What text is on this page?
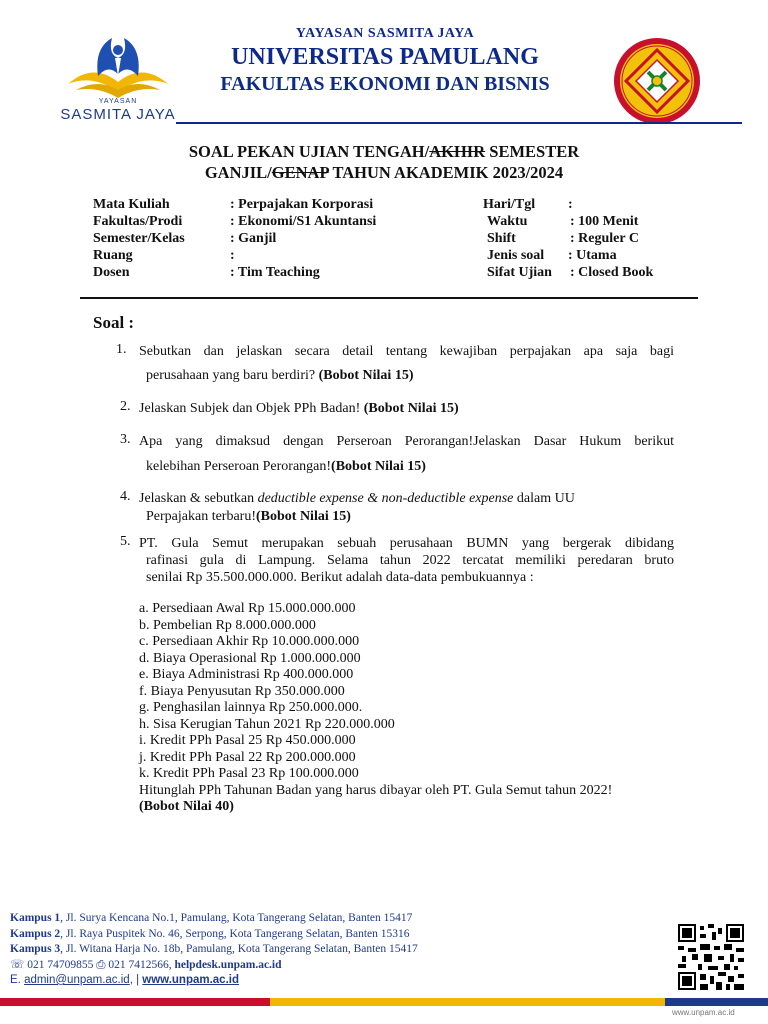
YAYASAN
SASMITA JAYA
YAYASAN SASMITA JAYA
UNIVERSITAS PAMULANG
FAKULTAS EKONOMI DAN BISNIS
SOAL PEKAN UJIAN TENGAH/AKHIR SEMESTER
GANJIL/GENAP TAHUN AKADEMIK 2023/2024
Mata Kuliah
Fakultas/Prodi
Semester/Kelas
Ruang
Dosen
: Perpajakan Korporasi
: Ekonomi/S1 Akuntansi
: Ganjil
:
: Tim Teaching
Hari/Tgl
Waktu
Shift
Jenis soal
Sifat Ujian
:
: 100 Menit
: Reguler C
: Utama
: Closed Book
Soal :
1. Sebutkan dan jelaskan secara detail tentang kewajiban perpajakan apa saja bagi
perusahaan yang baru berdiri? (Bobot Nilai 15)
2. Jelaskan Subjek dan Objek PPh Badan! (Bobot Nilai 15)
3. Apa yang dimaksud dengan Perseroan Perorangan!Jelaskan Dasar Hukum berikut
kelebihan Perseroan Perorangan!(Bobot Nilai 15)
4. Jelaskan & sebutkan deductible expense & non-deductible expense dalam UU
Perpajakan terbaru!(Bobot Nilai 15)
5. PT. Gula Semut merupakan sebuah perusahaan BUMN yang bergerak dibidang
rafinasi gula di Lampung. Selama tahun 2022 tercatat memiliki peredaran bruto
senilai Rp 35.500.000.000. Berikut adalah data-data pembukuannya :
a. Persediaan Awal Rp 15.000.000.000
b. Pembelian Rp 8.000.000.000
c. Persediaan Akhir Rp 10.000.000.000
d. Biaya Operasional Rp 1.000.000.000
e. Biaya Administrasi Rp 400.000.000
f. Biaya Penyusutan Rp 350.000.000
g. Penghasilan lainnya Rp 250.000.000.
h. Sisa Kerugian Tahun 2021 Rp 220.000.000
i. Kredit PPh Pasal 25 Rp 450.000.000
j. Kredit PPh Pasal 22 Rp 200.000.000
k. Kredit PPh Pasal 23 Rp 100.000.000
Hitunglah PPh Tahunan Badan yang harus dibayar oleh PT. Gula Semut tahun 2022!
(Bobot Nilai 40)
Kampus 1, Jl. Surya Kencana No.1, Pamulang, Kota Tangerang Selatan, Banten 15417
Kampus 2, Jl. Raya Puspitek No. 46, Serpong, Kota Tangerang Selatan, Banten 15316
Kampus 3, Jl. Witana Harja No. 18b, Pamulang, Kota Tangerang Selatan, Banten 15417
☏ 021 74709855 ⎙ 021 7412566, helpdesk.unpam.ac.id
E. admin@unpam.ac.id, | www.unpam.ac.id
www.unpam.ac.id
